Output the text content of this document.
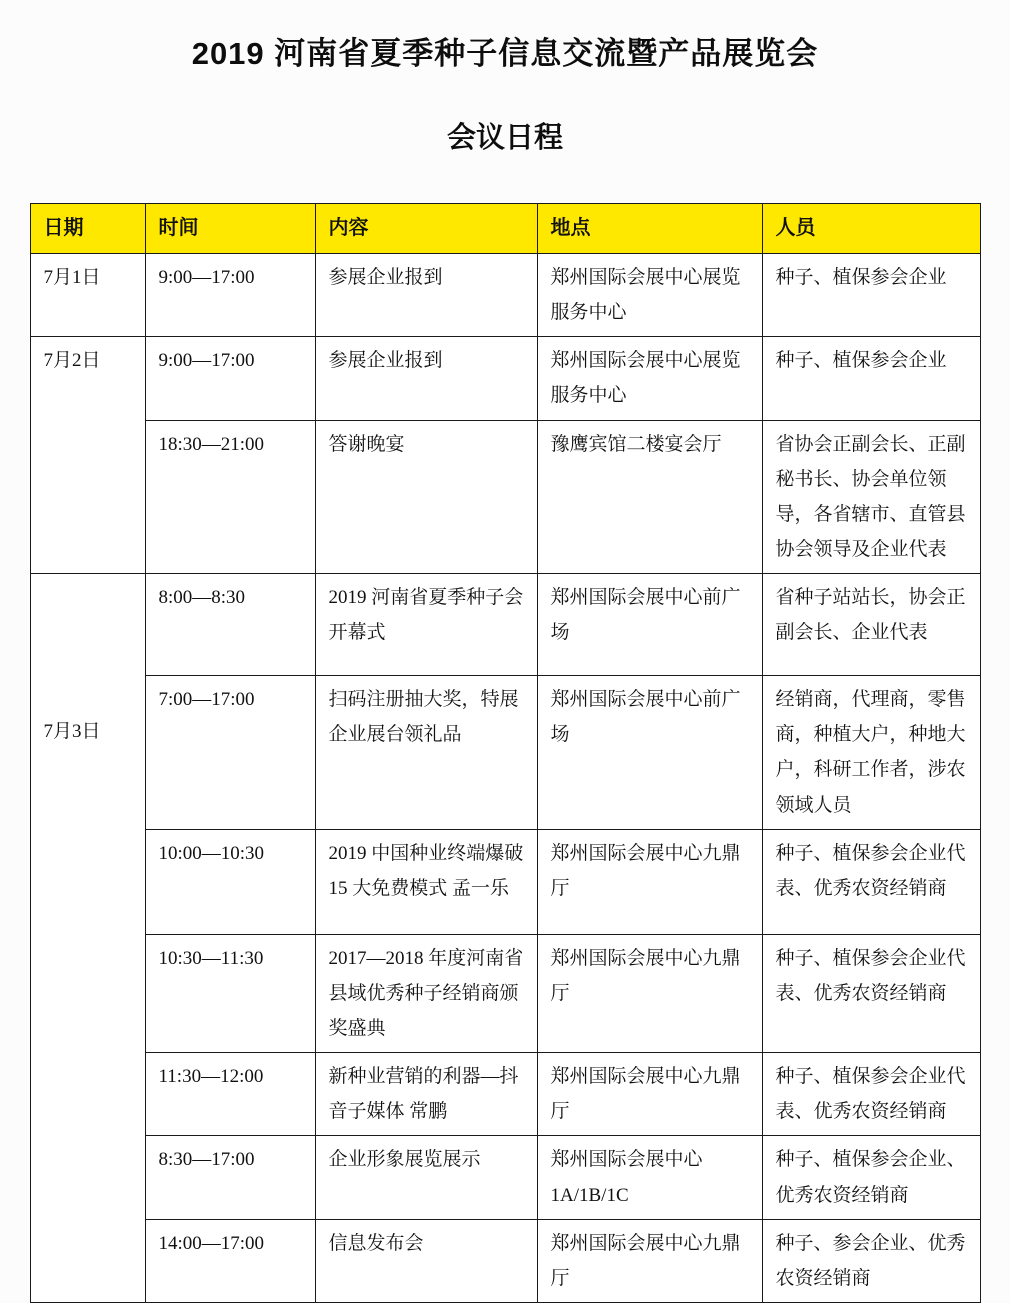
2019 河南省夏季种子信息交流暨产品展览会
会议日程
日期	时间	内容	地点	人员
7月1日	9:00—17:00	参展企业报到	郑州国际会展中心展览服务中心	种子、植保参会企业
7月2日	9:00—17:00	参展企业报到	郑州国际会展中心展览服务中心	种子、植保参会企业
	18:30—21:00	答谢晚宴	豫鹰宾馆二楼宴会厅	省协会正副会长、正副秘书长、协会单位领导，各省辖市、直管县协会领导及企业代表
7月3日	8:00—8:30	2019 河南省夏季种子会开幕式	郑州国际会展中心前广场	省种子站站长，协会正副会长、企业代表
	7:00—17:00	扫码注册抽大奖，特展企业展台领礼品	郑州国际会展中心前广场	经销商，代理商，零售商，种植大户，种地大户，科研工作者，涉农领域人员
	10:00—10:30	2019 中国种业终端爆破 15 大免费模式 孟一乐	郑州国际会展中心九鼎厅	种子、植保参会企业代表、优秀农资经销商
	10:30—11:30	2017—2018 年度河南省县域优秀种子经销商颁奖盛典	郑州国际会展中心九鼎厅	种子、植保参会企业代表、优秀农资经销商
	11:30—12:00	新种业营销的利器—抖音子媒体 常鹏	郑州国际会展中心九鼎厅	种子、植保参会企业代表、优秀农资经销商
	8:30—17:00	企业形象展览展示	郑州国际会展中心 1A/1B/1C	种子、植保参会企业、优秀农资经销商
	14:00—17:00	信息发布会	郑州国际会展中心九鼎厅	种子、参会企业、优秀农资经销商
